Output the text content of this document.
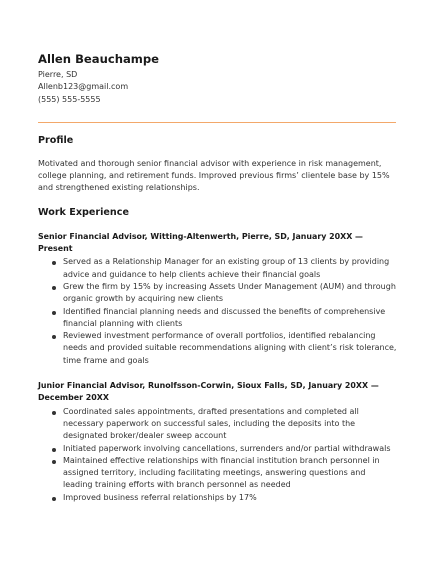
Allen Beauchampe
Pierre, SD
Allenb123@gmail.com
(555) 555-5555
Profile
Motivated and thorough senior financial advisor with experience in risk management, college planning, and retirement funds. Improved previous firms’ clientele base by 15% and strengthened existing relationships.
Work Experience
Senior Financial Advisor, Witting-Altenwerth, Pierre, SD, January 20XX — Present
Served as a Relationship Manager for an existing group of 13 clients by providing advice and guidance to help clients achieve their financial goals
Grew the firm by 15% by increasing Assets Under Management (AUM) and through organic growth by acquiring new clients
Identified financial planning needs and discussed the benefits of comprehensive financial planning with clients
Reviewed investment performance of overall portfolios, identified rebalancing needs and provided suitable recommendations aligning with client’s risk tolerance, time frame and goals
Junior Financial Advisor, Runolfsson-Corwin, Sioux Falls, SD, January 20XX — December 20XX
Coordinated sales appointments, drafted presentations and completed all necessary paperwork on successful sales, including the deposits into the designated broker/dealer sweep account
Initiated paperwork involving cancellations, surrenders and/or partial withdrawals
Maintained effective relationships with financial institution branch personnel in assigned territory, including facilitating meetings, answering questions and leading training efforts with branch personnel as needed
Improved business referral relationships by 17%
